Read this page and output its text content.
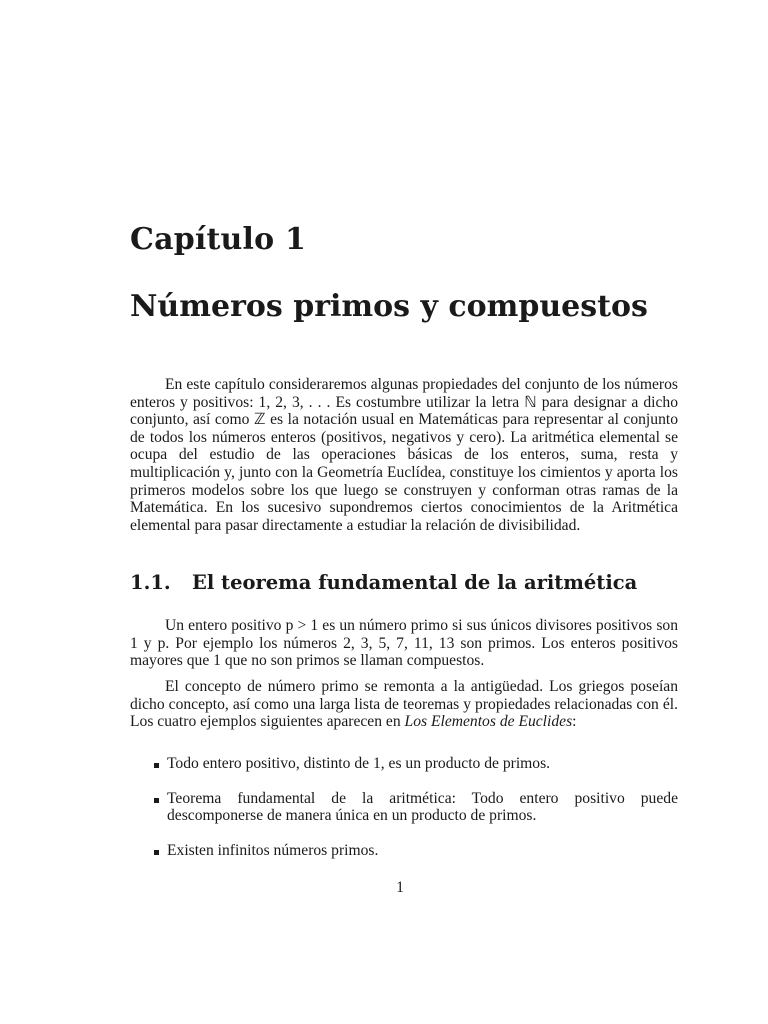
Capítulo 1
Números primos y compuestos

En este capítulo consideraremos algunas propiedades del conjunto de los números enteros y positivos: 1, 2, 3, . . . Es costumbre utilizar la letra ℕ para designar a dicho conjunto, así como ℤ es la notación usual en Matemáticas para representar al conjunto de todos los números enteros (positivos, negativos y cero). La aritmética elemental se ocupa del estudio de las operaciones básicas de los enteros, suma, resta y multiplicación y, junto con la Geometría Euclídea, constituye los cimientos y aporta los primeros modelos sobre los que luego se construyen y conforman otras ramas de la Matemática. En los sucesivo supondremos ciertos conocimientos de la Aritmética elemental para pasar directamente a estudiar la relación de divisibilidad.

1.1. El teorema fundamental de la aritmética

Un entero positivo p > 1 es un número primo si sus únicos divisores positivos son 1 y p. Por ejemplo los números 2, 3, 5, 7, 11, 13 son primos. Los enteros positivos mayores que 1 que no son primos se llaman compuestos.

El concepto de número primo se remonta a la antigüedad. Los griegos poseían dicho concepto, así como una larga lista de teoremas y propiedades relacionadas con él. Los cuatro ejemplos siguientes aparecen en Los Elementos de Euclides:

Todo entero positivo, distinto de 1, es un producto de primos.
Teorema fundamental de la aritmética: Todo entero positivo puede descomponerse de manera única en un producto de primos.
Existen infinitos números primos.
1
